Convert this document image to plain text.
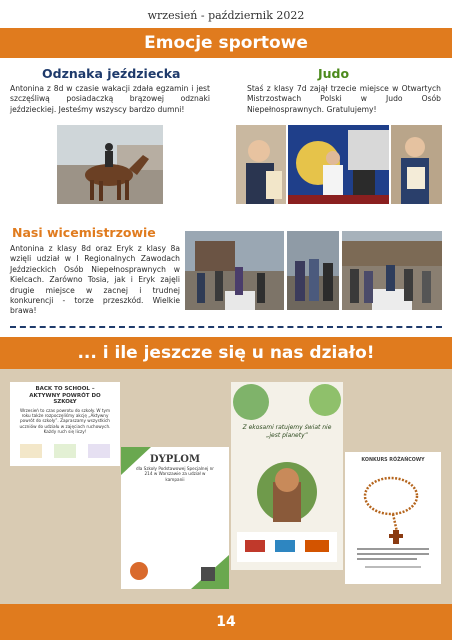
wrzesień - październik 2022
Emocje sportowe
Odznaka jeździecka
Antonina z 8d w czasie wakacji zdała egzamin i jest szczęśliwą posiadaczką brązowej odznaki jeździeckiej. Jesteśmy wszyscy bardzo dumni!
Judo
Staś z klasy 7d zajął trzecie miejsce w Otwartych Mistrzostwach Polski w Judo Osób Niepełnosprawnych. Gratulujemy!
Nasi wicemistrzowie
Antonina z klasy 8d oraz Eryk z klasy 8a wzięli udział w I Regionalnych Zawodach Jeździeckich Osób Niepełnosprawnych w Kielcach. Zarówno Tosia, jak i Eryk zajęli drugie miejsce w zacnej i trudnej konkurencji - torze przeszkód. Wielkie brawa!
... i ile jeszcze się u nas działo!
BACK TO SCHOOL – AKTYWNY POWRÓT DO SZKOŁY
Wrzesień to czas powrotu do szkoły. W tym roku także rozpoczęliśmy akcję „Aktywny powrót do szkoły”. Zapraszamy wszystkich uczniów do udziału w zajęciach ruchowych. Każdy ruch się liczy!
DYPLOM
dla Szkoły Podstawowej Specjalnej nr 214 w Warszawie za udział w kampanii
Z ekosami ratujemy świat nie „jest planety”
KONKURS RÓŻAŃCOWY
14
